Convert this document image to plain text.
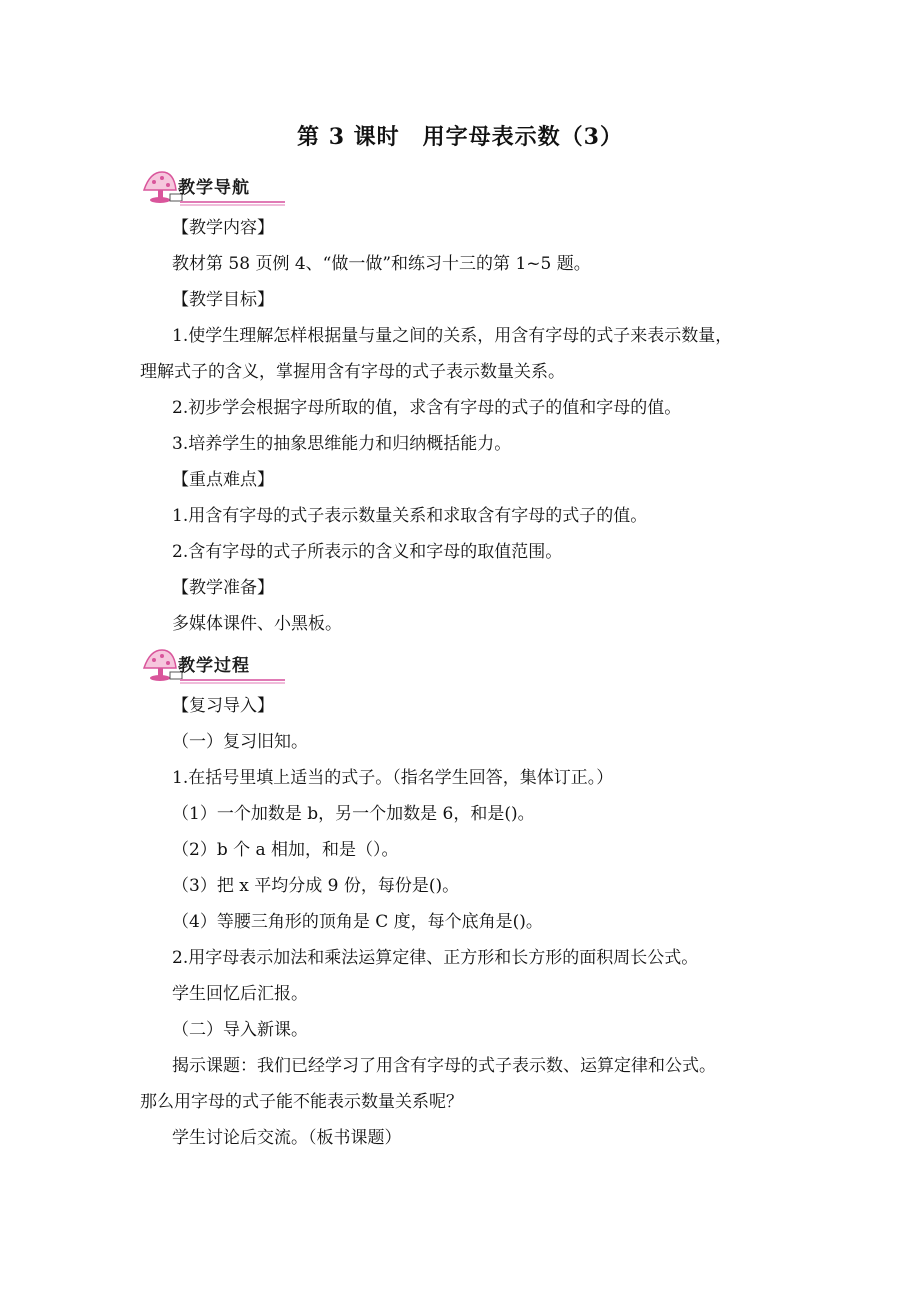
第 3 课时　用字母表示数（3）
教学导航
【教学内容】
教材第 58 页例 4、“做一做”和练习十三的第 1~5 题。
【教学目标】
1.使学生理解怎样根据量与量之间的关系，用含有字母的式子来表示数量，
理解式子的含义，掌握用含有字母的式子表示数量关系。
2.初步学会根据字母所取的值，求含有字母的式子的值和字母的值。
3.培养学生的抽象思维能力和归纳概括能力。
【重点难点】
1.用含有字母的式子表示数量关系和求取含有字母的式子的值。
2.含有字母的式子所表示的含义和字母的取值范围。
【教学准备】
多媒体课件、小黑板。
教学过程
【复习导入】
（一）复习旧知。
1.在括号里填上适当的式子。（指名学生回答，集体订正。）
（1）一个加数是 b，另一个加数是 6，和是()。
（2）b 个 a 相加，和是（）。
（3）把 x 平均分成 9 份，每份是()。
（4）等腰三角形的顶角是 C 度，每个底角是()。
2.用字母表示加法和乘法运算定律、正方形和长方形的面积周长公式。
学生回忆后汇报。
（二）导入新课。
揭示课题：我们已经学习了用含有字母的式子表示数、运算定律和公式。
那么用字母的式子能不能表示数量关系呢？
学生讨论后交流。（板书课题）
